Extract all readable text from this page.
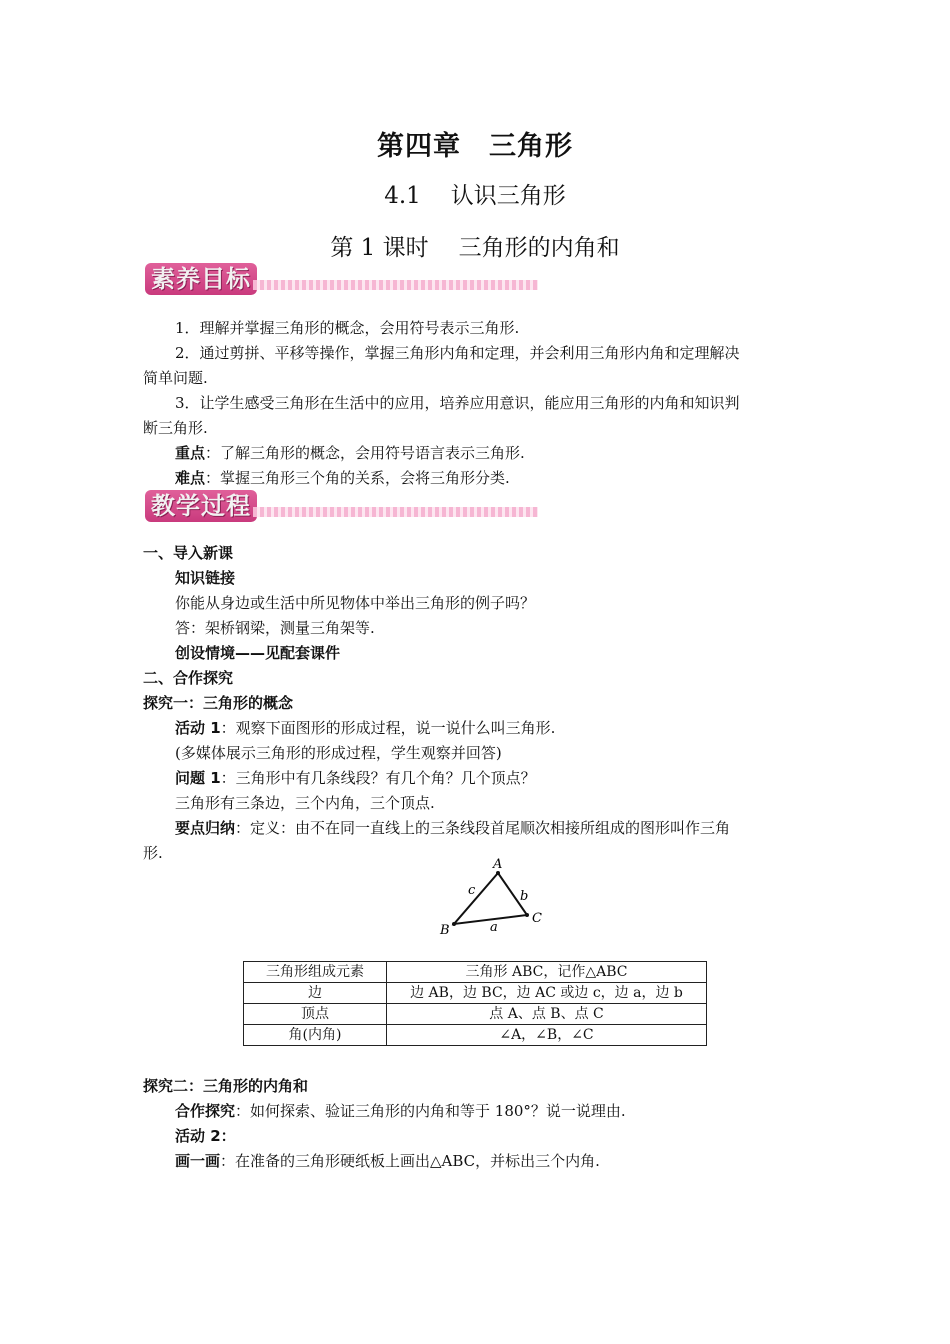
第四章　三角形
4.1 认识三角形
第 1 课时 三角形的内角和
素养目标
1．理解并掌握三角形的概念，会用符号表示三角形.
2．通过剪拼、平移等操作，掌握三角形内角和定理，并会利用三角形内角和定理解决
简单问题.
3．让学生感受三角形在生活中的应用，培养应用意识，能应用三角形的内角和知识判
断三角形.
重点：了解三角形的概念，会用符号语言表示三角形.
难点：掌握三角形三个角的关系，会将三角形分类.
教学过程
一、导入新课
知识链接
你能从身边或生活中所见物体中举出三角形的例子吗？
答：架桥钢梁，测量三角架等.
创设情境——见配套课件
二、合作探究
探究一：三角形的概念
活动 1：观察下面图形的形成过程，说一说什么叫三角形.
(多媒体展示三角形的形成过程，学生观察并回答)
问题 1：三角形中有几条线段？有几个角？几个顶点？
三角形有三条边，三个内角，三个顶点.
要点归纳：定义：由不在同一直线上的三条线段首尾顺次相接所组成的图形叫作三角
形.
A
B
C
a
b
c
三角形组成元素	三角形 ABC，记作△ABC
边	边 AB，边 BC，边 AC 或边 c，边 a，边 b
顶点	点 A、点 B、点 C
角(内角)	∠A，∠B，∠C
探究二：三角形的内角和
合作探究：如何探索、验证三角形的内角和等于 180°？说一说理由.
活动 2：
画一画：在准备的三角形硬纸板上画出△ABC，并标出三个内角.
